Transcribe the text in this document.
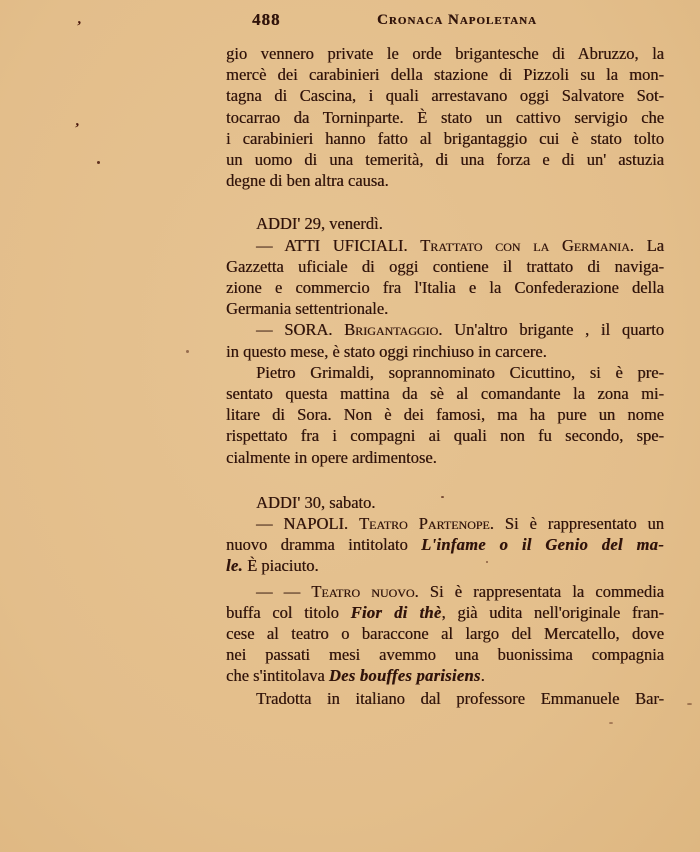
488	Cronaca Napoletana
gio vennero private le orde brigantesche di Abruzzo, la
mercè dei carabinieri della stazione di Pizzoli su la mon-
tagna di Cascina, i quali arrestavano oggi Salvatore Sot-
tocarrao da Torninparte. È stato un cattivo servigio che
i carabinieri hanno fatto al brigantaggio cui è stato tolto
un uomo di una temerità, di una forza e di un' astuzia
degne di ben altra causa.
ADDI' 29, venerdì.
— ATTI UFICIALI. Trattato con la Germania. La
Gazzetta uficiale di oggi contiene il trattato di naviga-
zione e commercio fra l'Italia e la Confederazione della
Germania settentrionale.
— SORA. Brigantaggio. Un'altro brigante , il quarto
in questo mese, è stato oggi rinchiuso in carcere.
Pietro Grimaldi, soprannominato Cicuttino, si è pre-
sentato questa mattina da sè al comandante la zona mi-
litare di Sora. Non è dei famosi, ma ha pure un nome
rispettato fra i compagni ai quali non fu secondo, spe-
cialmente in opere ardimentose.
ADDI' 30, sabato.
— NAPOLI. Teatro Partenope. Si è rappresentato un
nuovo dramma intitolato L'infame o il Genio del ma-
le. È piaciuto.
— — Teatro nuovo. Si è rappresentata la commedia
buffa col titolo Fior di thè, già udita nell'originale fran-
cese al teatro o baraccone al largo del Mercatello, dove
nei passati mesi avemmo una buonissima compagnia
che s'intitolava Des bouffes parisiens.
Tradotta in italiano dal professore Emmanuele Bar-
’
’
